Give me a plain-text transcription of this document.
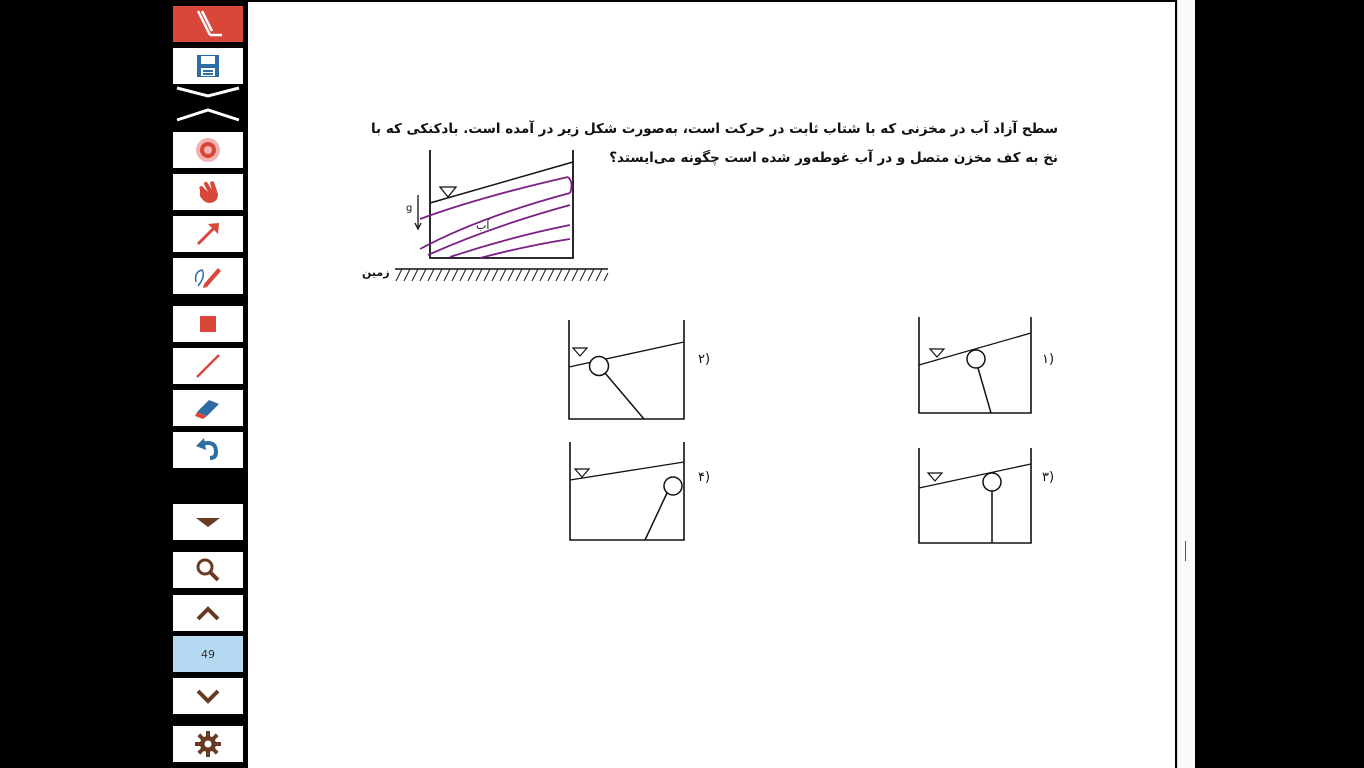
49
سطح آزاد آب در مخزنی که با شتاب ثابت در حرکت است، به‌صورت شکل زیر در آمده است. بادکنکی که با نخ به کف مخزن متصل و در آب غوطه‌ور شده است چگونه می‌ایستد؟
g
آب
زمین
۱)
۲)
۳)
۴)
